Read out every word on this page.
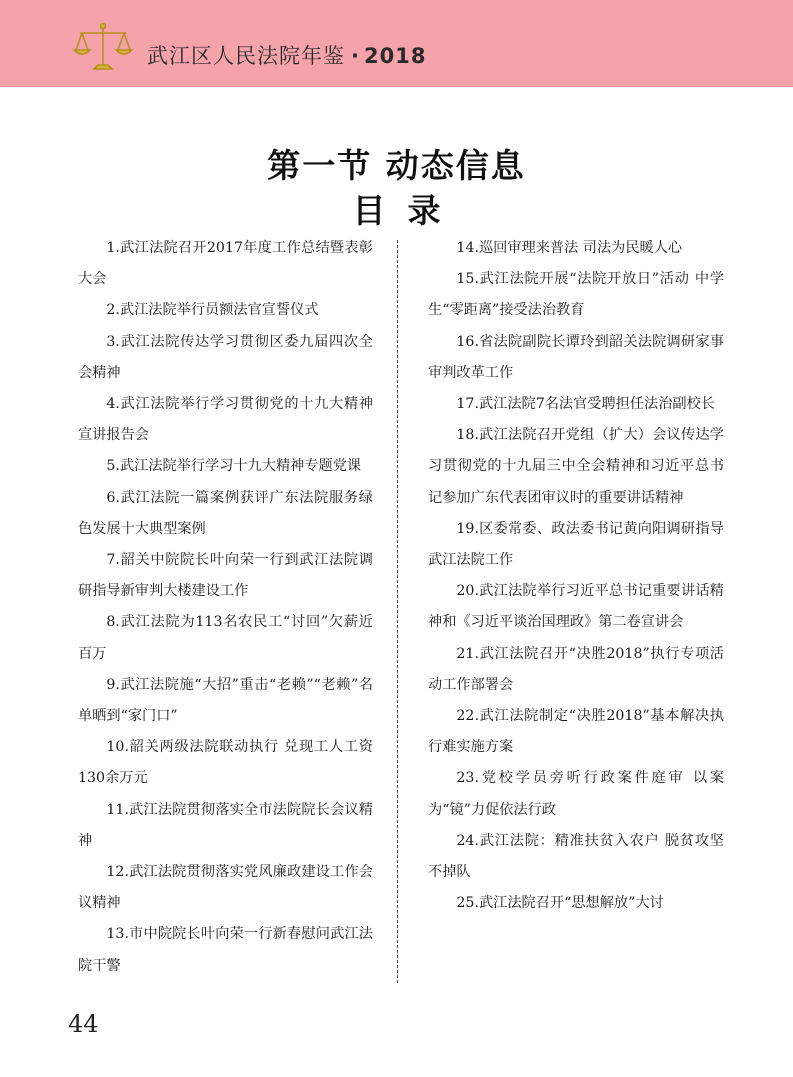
武江区人民法院年鉴 · 2018
第一节 动态信息
目录

1.武江法院召开2017年度工作总结暨表彰大会

2.武江法院举行员额法官宣誓仪式

3.武江法院传达学习贯彻区委九届四次全会精神

4.武江法院举行学习贯彻党的十九大精神宣讲报告会

5.武江法院举行学习十九大精神专题党课

6.武江法院一篇案例获评广东法院服务绿色发展十大典型案例

7.韶关中院院长叶向荣一行到武江法院调研指导新审判大楼建设工作

8.武江法院为113名农民工“讨回”欠薪近百万

9.武江法院施“大招”重击“老赖”“老赖”名单晒到“家门口”

10.韶关两级法院联动执行 兑现工人工资130余万元

11.武江法院贯彻落实全市法院院长会议精神

12.武江法院贯彻落实党风廉政建设工作会议精神

13.市中院院长叶向荣一行新春慰问武江法院干警

14.巡回审理来普法 司法为民暖人心

15.武江法院开展“法院开放日”活动 中学生“零距离”接受法治教育

16.省法院副院长谭玲到韶关法院调研家事审判改革工作

17.武江法院7名法官受聘担任法治副校长

18.武江法院召开党组（扩大）会议传达学习贯彻党的十九届三中全会精神和习近平总书记参加广东代表团审议时的重要讲话精神

19.区委常委、政法委书记黄向阳调研指导武江法院工作

20.武江法院举行习近平总书记重要讲话精神和《习近平谈治国理政》第二卷宣讲会

21.武江法院召开“决胜2018”执行专项活动工作部署会

22.武江法院制定“决胜2018”基本解决执行难实施方案

23.党校学员旁听行政案件庭审 以案为“镜”力促依法行政

24.武江法院：精准扶贫入农户 脱贫攻坚不掉队

25.武江法院召开“思想解放”大讨

44
